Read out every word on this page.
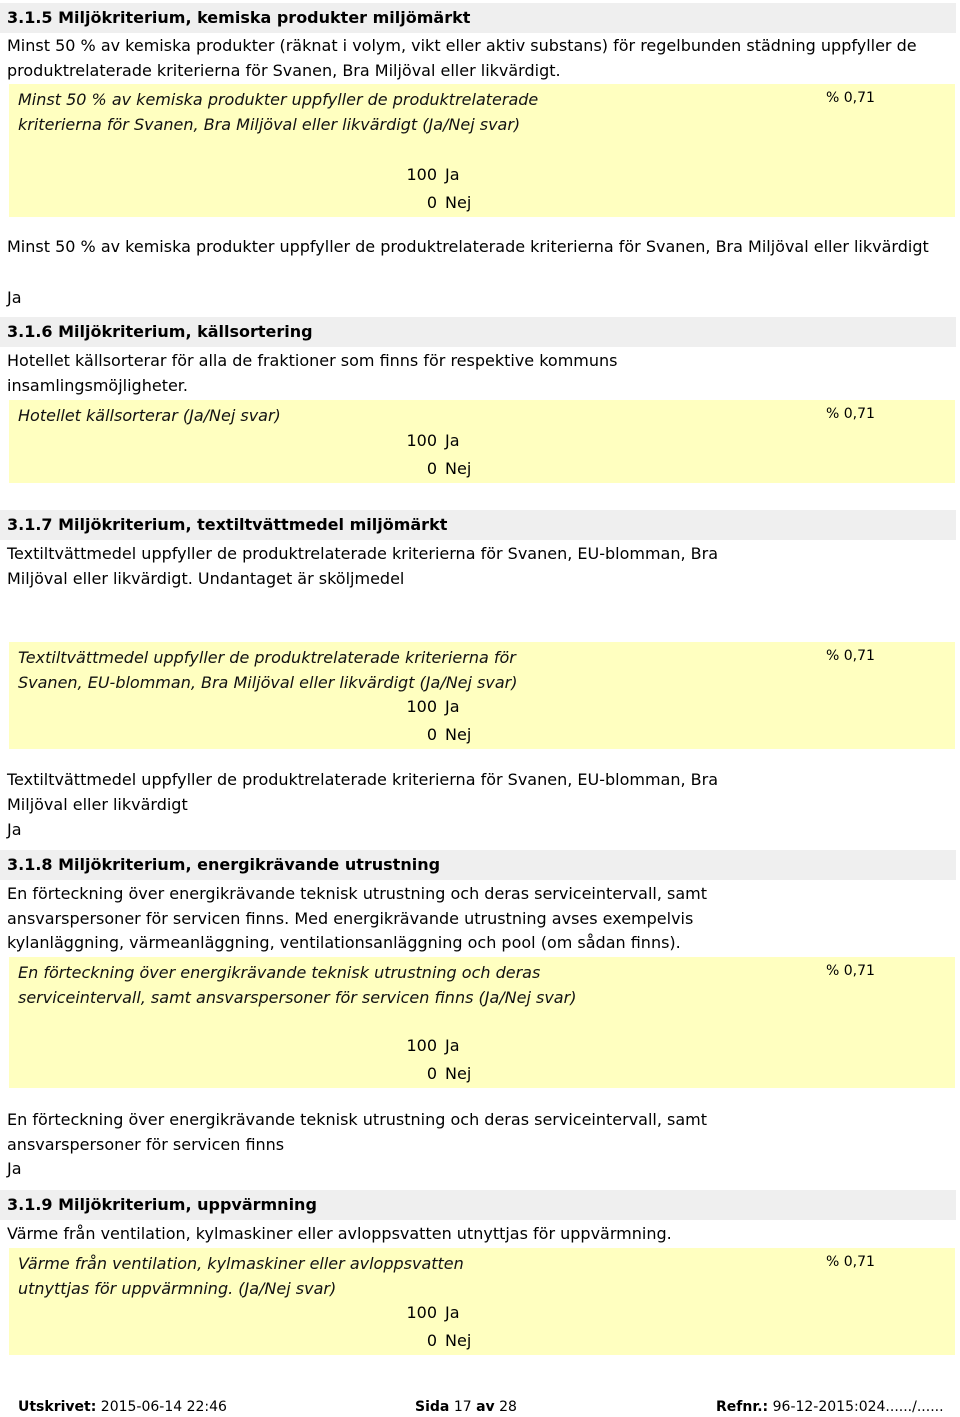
3.1.5 Miljökriterium, kemiska produkter miljömärkt
Minst 50 % av kemiska produkter (räknat i volym, vikt eller aktiv substans) för regelbunden städning uppfyller de produktrelaterade kriterierna för Svanen, Bra Miljöval eller likvärdigt.
Minst 50 % av kemiska produkter uppfyller de produktrelaterade kriterierna för Svanen, Bra Miljöval eller likvärdigt (Ja/Nej svar)
% 0,71
100 Ja
0 Nej
Minst 50 % av kemiska produkter uppfyller de produktrelaterade kriterierna för Svanen, Bra Miljöval eller likvärdigt
Ja
3.1.6 Miljökriterium, källsortering
Hotellet källsorterar för alla de fraktioner som finns för respektive kommuns insamlingsmöjligheter.
Hotellet källsorterar (Ja/Nej svar)	% 0,71
100 Ja
0 Nej
3.1.7 Miljökriterium, textiltvättmedel miljömärkt
Textiltvättmedel uppfyller de produktrelaterade kriterierna för Svanen, EU-blomman, Bra Miljöval eller likvärdigt. Undantaget är sköljmedel
Textiltvättmedel uppfyller de produktrelaterade kriterierna för Svanen, EU-blomman, Bra Miljöval eller likvärdigt (Ja/Nej svar)
% 0,71
100 Ja
0 Nej
Textiltvättmedel uppfyller de produktrelaterade kriterierna för Svanen, EU-blomman, Bra Miljöval eller likvärdigt
Ja
3.1.8 Miljökriterium, energikrävande utrustning
En förteckning över energikrävande teknisk utrustning och deras serviceintervall, samt ansvarspersoner för servicen finns. Med energikrävande utrustning avses exempelvis kylanläggning, värmeanläggning, ventilationsanläggning och pool (om sådan finns).
En förteckning över energikrävande teknisk utrustning och deras serviceintervall, samt ansvarspersoner för servicen finns (Ja/Nej svar)
% 0,71
100 Ja
0 Nej
En förteckning över energikrävande teknisk utrustning och deras serviceintervall, samt ansvarspersoner för servicen finns
Ja
3.1.9 Miljökriterium, uppvärmning
Värme från ventilation, kylmaskiner eller avloppsvatten utnyttjas för uppvärmning.
Värme från ventilation, kylmaskiner eller avloppsvatten utnyttjas för uppvärmning. (Ja/Nej svar)
% 0,71
100 Ja
0 Nej
Utskrivet: 2015-06-14 22:46	Sida 17 av 28	Refnr.: 96-12-2015:024....../......
